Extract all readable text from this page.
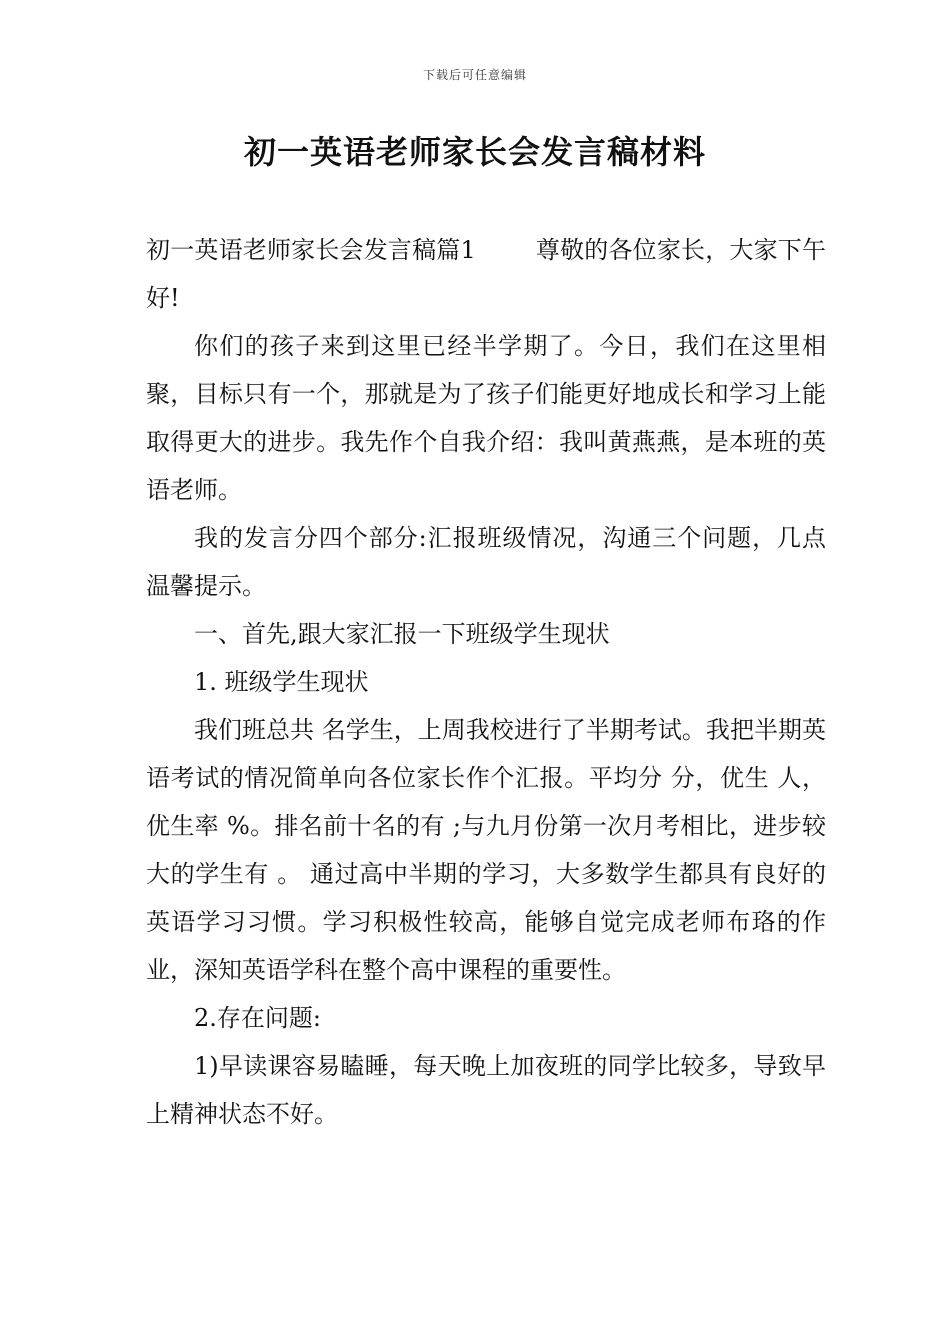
下载后可任意编辑
初一英语老师家长会发言稿材料

初一英语老师家长会发言稿篇1	尊敬的各位家长，大家下午好!

你们的孩子来到这里已经半学期了。今日，我们在这里相聚，目标只有一个，那就是为了孩子们能更好地成长和学习上能取得更大的进步。我先作个自我介绍：我叫黄燕燕，是本班的英语老师。

我的发言分四个部分:汇报班级情况，沟通三个问题，几点温馨提示。

一、首先,跟大家汇报一下班级学生现状

1. 班级学生现状

我们班总共 名学生，上周我校进行了半期考试。我把半期英语考试的情况简单向各位家长作个汇报。平均分 分，优生 人，优生率 %。排名前十名的有 ;与九月份第一次月考相比，进步较大的学生有 。 通过高中半期的学习，大多数学生都具有良好的英语学习习惯。学习积极性较高，能够自觉完成老师布珞的作业，深知英语学科在整个高中课程的重要性。

2.存在问题:

1)早读课容易瞌睡，每天晚上加夜班的同学比较多，导致早上精神状态不好。
